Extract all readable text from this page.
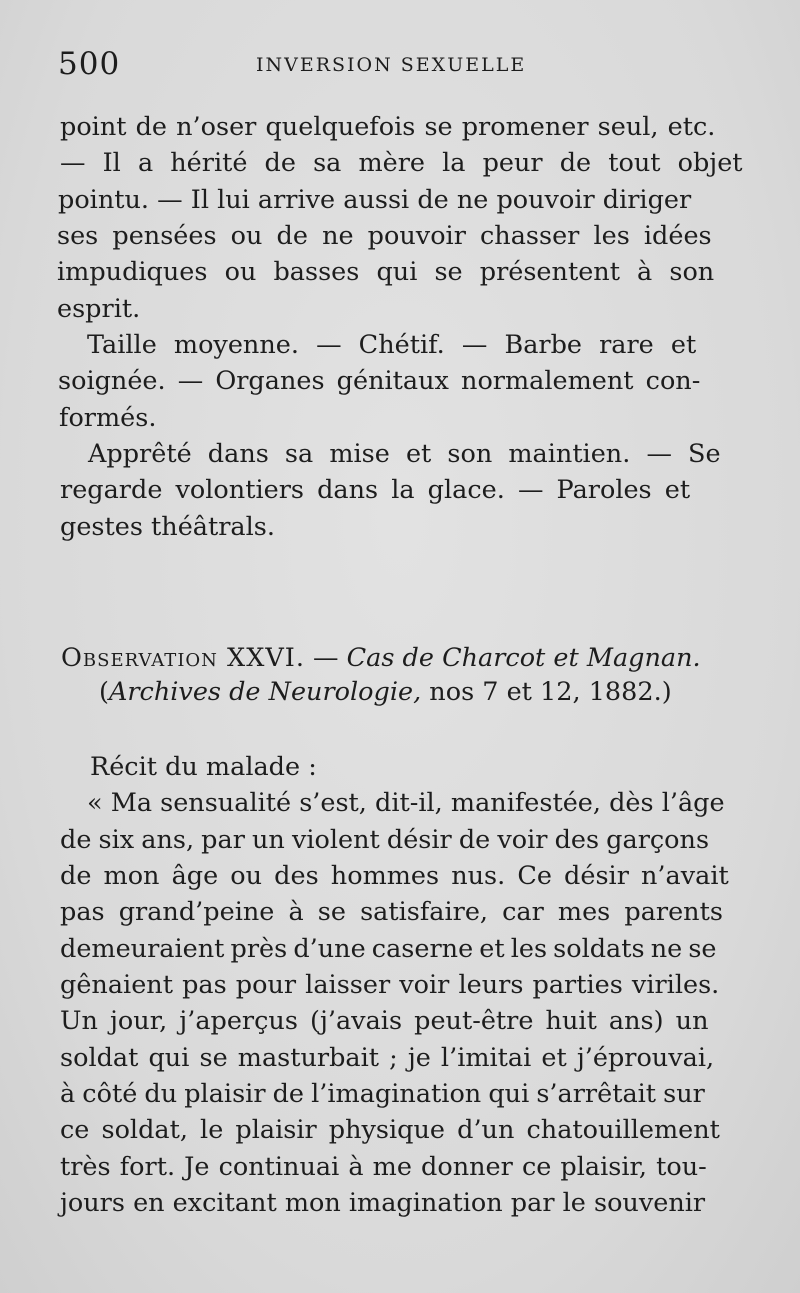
500	INVERSION SEXUELLE
point de n’oser quelquefois se promener seul, etc.
— Il a hérité de sa mère la peur de tout objet
pointu. — Il lui arrive aussi de ne pouvoir diriger
ses pensées ou de ne pouvoir chasser les idées
impudiques ou basses qui se présentent à son
esprit.
Taille moyenne. — Chétif. — Barbe rare et
soignée. — Organes génitaux normalement con-
formés.
Apprêté dans sa mise et son maintien. — Se
regarde volontiers dans la glace. — Paroles et
gestes théâtrals.
Observation XXVI. — Cas de Charcot et Magnan.
(Archives de Neurologie, nos 7 et 12, 1882.)
Récit du malade :
« Ma sensualité s’est, dit-il, manifestée, dès l’âge
de six ans, par un violent désir de voir des garçons
de mon âge ou des hommes nus. Ce désir n’avait
pas grand’peine à se satisfaire, car mes parents
demeuraient près d’une caserne et les soldats ne se
gênaient pas pour laisser voir leurs parties viriles.
Un jour, j’aperçus (j’avais peut-être huit ans) un
soldat qui se masturbait ; je l’imitai et j’éprouvai,
à côté du plaisir de l’imagination qui s’arrêtait sur
ce soldat, le plaisir physique d’un chatouillement
très fort. Je continuai à me donner ce plaisir, tou-
jours en excitant mon imagination par le souvenir
